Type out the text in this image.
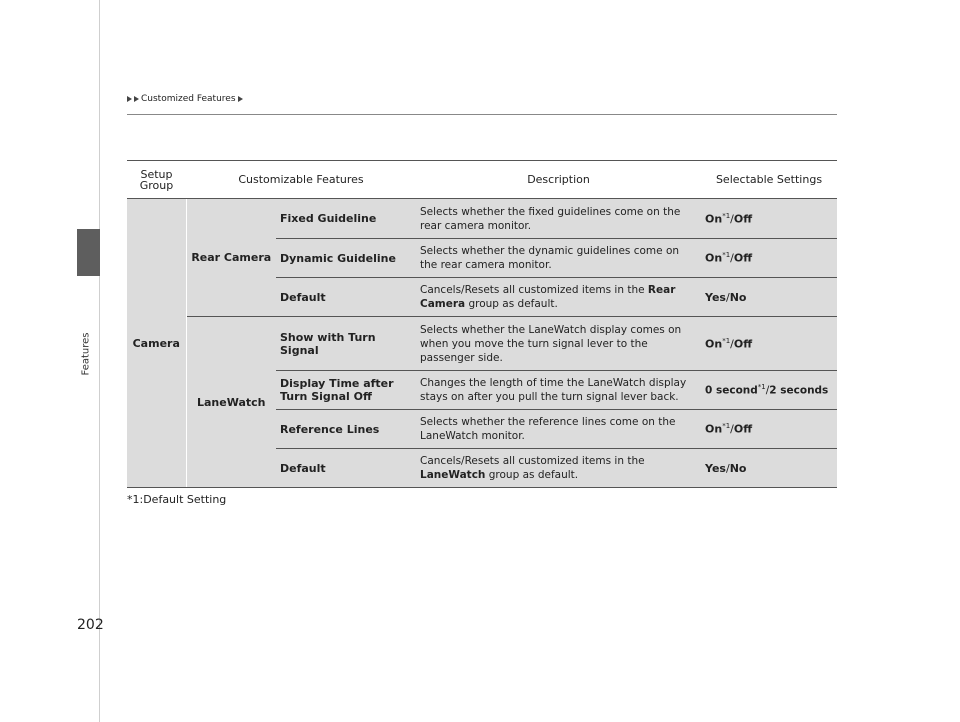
Customized Features
Features
Setup
Group	Customizable Features		Description	Selectable Settings
Camera	Rear Camera	Fixed Guideline	Selects whether the fixed guidelines come on the rear camera monitor.	On$^{*1}$/Off
		Dynamic Guideline	Selects whether the dynamic guidelines come on the rear camera monitor.	On$^{*1}$/Off
		Default	Cancels/Resets all customized items in the Rear Camera group as default.	Yes/No
	LaneWatch	Show with Turn Signal	Selects whether the LaneWatch display comes on when you move the turn signal lever to the passenger side.	On$^{*1}$/Off
		Display Time after Turn Signal Off	Changes the length of time the LaneWatch display stays on after you pull the turn signal lever back.	0 second$^{*1}$/2 seconds
		Reference Lines	Selects whether the reference lines come on the LaneWatch monitor.	On$^{*1}$/Off
		Default	Cancels/Resets all customized items in the LaneWatch group as default.	Yes/No
*1:Default Setting
202
